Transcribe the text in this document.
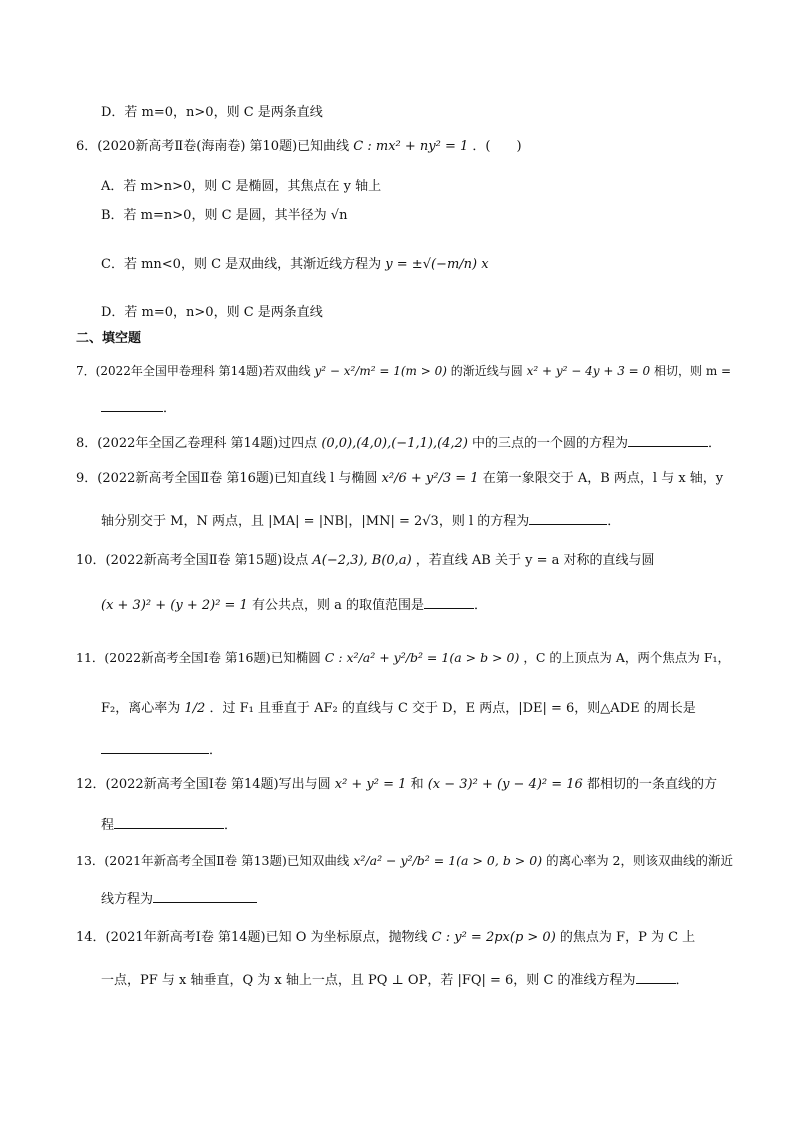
D．若 m=0，n>0，则 C 是两条直线
6．(2020新高考Ⅱ卷(海南卷) 第10题)已知曲线 C : mx² + ny² = 1 ．(　　)
A．若 m>n>0，则 C 是椭圆，其焦点在 y 轴上
B．若 m=n>0，则 C 是圆，其半径为 √n
C．若 mn<0，则 C 是双曲线，其渐近线方程为 y = ±√(−m/n) x
D．若 m=0，n>0，则 C 是两条直线
二、填空题
7．(2022年全国甲卷理科 第14题)若双曲线 y² − x²/m² = 1(m > 0) 的渐近线与圆 x² + y² − 4y + 3 = 0 相切，则 m =
．
8．(2022年全国乙卷理科 第14题)过四点 (0,0),(4,0),(−1,1),(4,2) 中的三点的一个圆的方程为	．
9．(2022新高考全国Ⅱ卷 第16题)已知直线 l 与椭圆 x²/6 + y²/3 = 1 在第一象限交于 A，B 两点，l 与 x 轴，y
轴分别交于 M，N 两点，且 |MA| = |NB|，|MN| = 2√3，则 l 的方程为	．
10．(2022新高考全国Ⅱ卷 第15题)设点 A(−2,3), B(0,a) ，若直线 AB 关于 y = a 对称的直线与圆
(x + 3)² + (y + 2)² = 1 有公共点，则 a 的取值范围是	．
11．(2022新高考全国Ⅰ卷 第16题)已知椭圆 C : x²/a² + y²/b² = 1(a > b > 0) ，C 的上顶点为 A，两个焦点为 F₁，
F₂，离心率为 1/2 ．过 F₁ 且垂直于 AF₂ 的直线与 C 交于 D，E 两点，|DE| = 6，则△ADE 的周长是
．
12．(2022新高考全国Ⅰ卷 第14题)写出与圆 x² + y² = 1 和 (x − 3)² + (y − 4)² = 16 都相切的一条直线的方
程	．
13．(2021年新高考全国Ⅱ卷 第13题)已知双曲线 x²/a² − y²/b² = 1(a > 0, b > 0) 的离心率为 2，则该双曲线的渐近
线方程为
14．(2021年新高考Ⅰ卷 第14题)已知 O 为坐标原点，抛物线 C : y² = 2px(p > 0) 的焦点为 F，P 为 C 上
一点，PF 与 x 轴垂直，Q 为 x 轴上一点，且 PQ ⊥ OP，若 |FQ| = 6，则 C 的准线方程为	．
